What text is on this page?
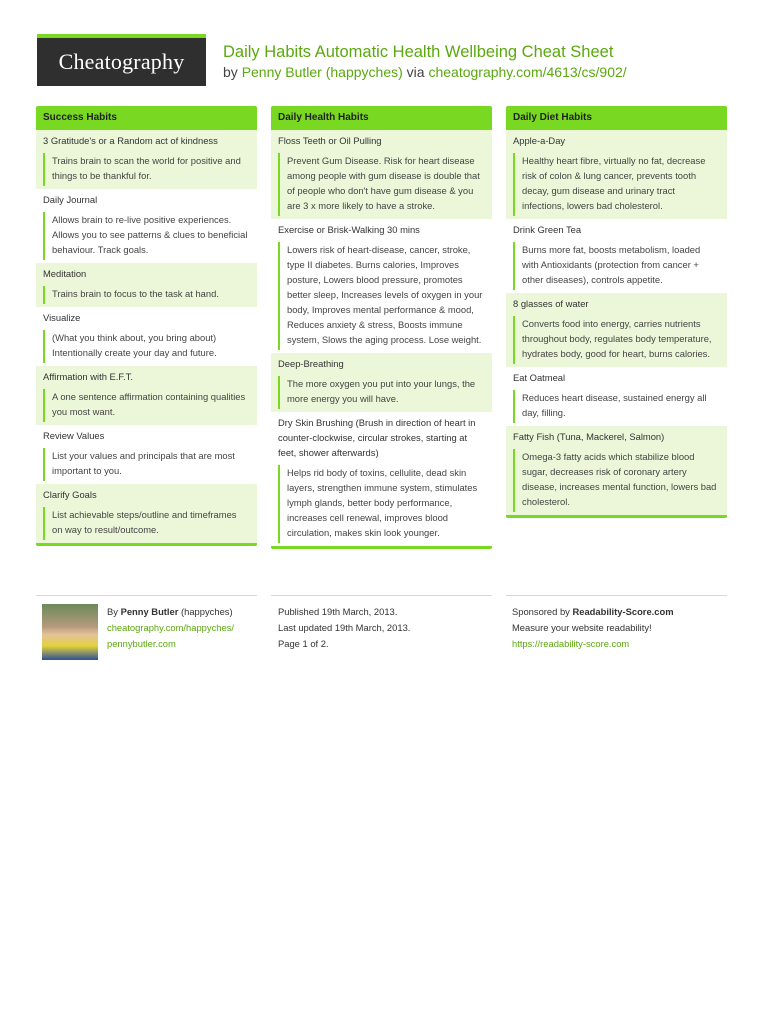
Cheatography	Daily Habits Automatic Health Wellbeing Cheat Sheet
by Penny Butler (happyches) via cheatography.com/4613/cs/902/
Success Habits
3 Gratitude's or a Random act of kindness
Trains brain to scan the world for positive and things to be thankful for.
Daily Journal
Allows brain to re-live positive experiences. Allows you to see patterns & clues to beneficial behaviour. Track goals.
Meditation
Trains brain to focus to the task at hand.
Visualize
(What you think about, you bring about) Intentionally create your day and future.
Affirmation with E.F.T.
A one sentence affirmation containing qualities you most want.
Review Values
List your values and principals that are most important to you.
Clarify Goals
List achievable steps/outline and timeframes on way to result/outcome.
Daily Health Habits
Floss Teeth or Oil Pulling
Prevent Gum Disease. Risk for heart disease among people with gum disease is double that of people who don't have gum disease & you are 3 x more likely to have a stroke.
Exercise or Brisk-Walking 30 mins
Lowers risk of heart-disease, cancer, stroke, type II diabetes. Burns calories, Improves posture, Lowers blood pressure, promotes better sleep, Increases levels of oxygen in your body, Improves mental performance & mood, Reduces anxiety & stress, Boosts immune system, Slows the aging process. Lose weight.
Deep-Breathing
The more oxygen you put into your lungs, the more energy you will have.
Dry Skin Brushing (Brush in direction of heart in counter-clockwise, circular strokes, starting at feet, shower afterwards)
Helps rid body of toxins, cellulite, dead skin layers, strengthen immune system, stimulates lymph glands, better body performance, increases cell renewal, improves blood circulation, makes skin look younger.
Daily Diet Habits
Apple-a-Day
Healthy heart fibre, virtually no fat, decrease risk of colon & lung cancer, prevents tooth decay, gum disease and urinary tract infections, lowers bad cholesterol.
Drink Green Tea
Burns more fat, boosts metabolism, loaded with Antioxidants (protection from cancer + other diseases), controls appetite.
8 glasses of water
Converts food into energy, carries nutrients throughout body, regulates body temperature, hydrates body, good for heart, burns calories.
Eat Oatmeal
Reduces heart disease, sustained energy all day, filling.
Fatty Fish (Tuna, Mackerel, Salmon)
Omega-3 fatty acids which stabilize blood sugar, decreases risk of coronary artery disease, increases mental function, lowers bad cholesterol.
By Penny Butler (happyches)
cheatography.com/happyches/
pennybutler.com
Published 19th March, 2013.
Last updated 19th March, 2013.
Page 1 of 2.
Sponsored by Readability-Score.com
Measure your website readability!
https://readability-score.com
